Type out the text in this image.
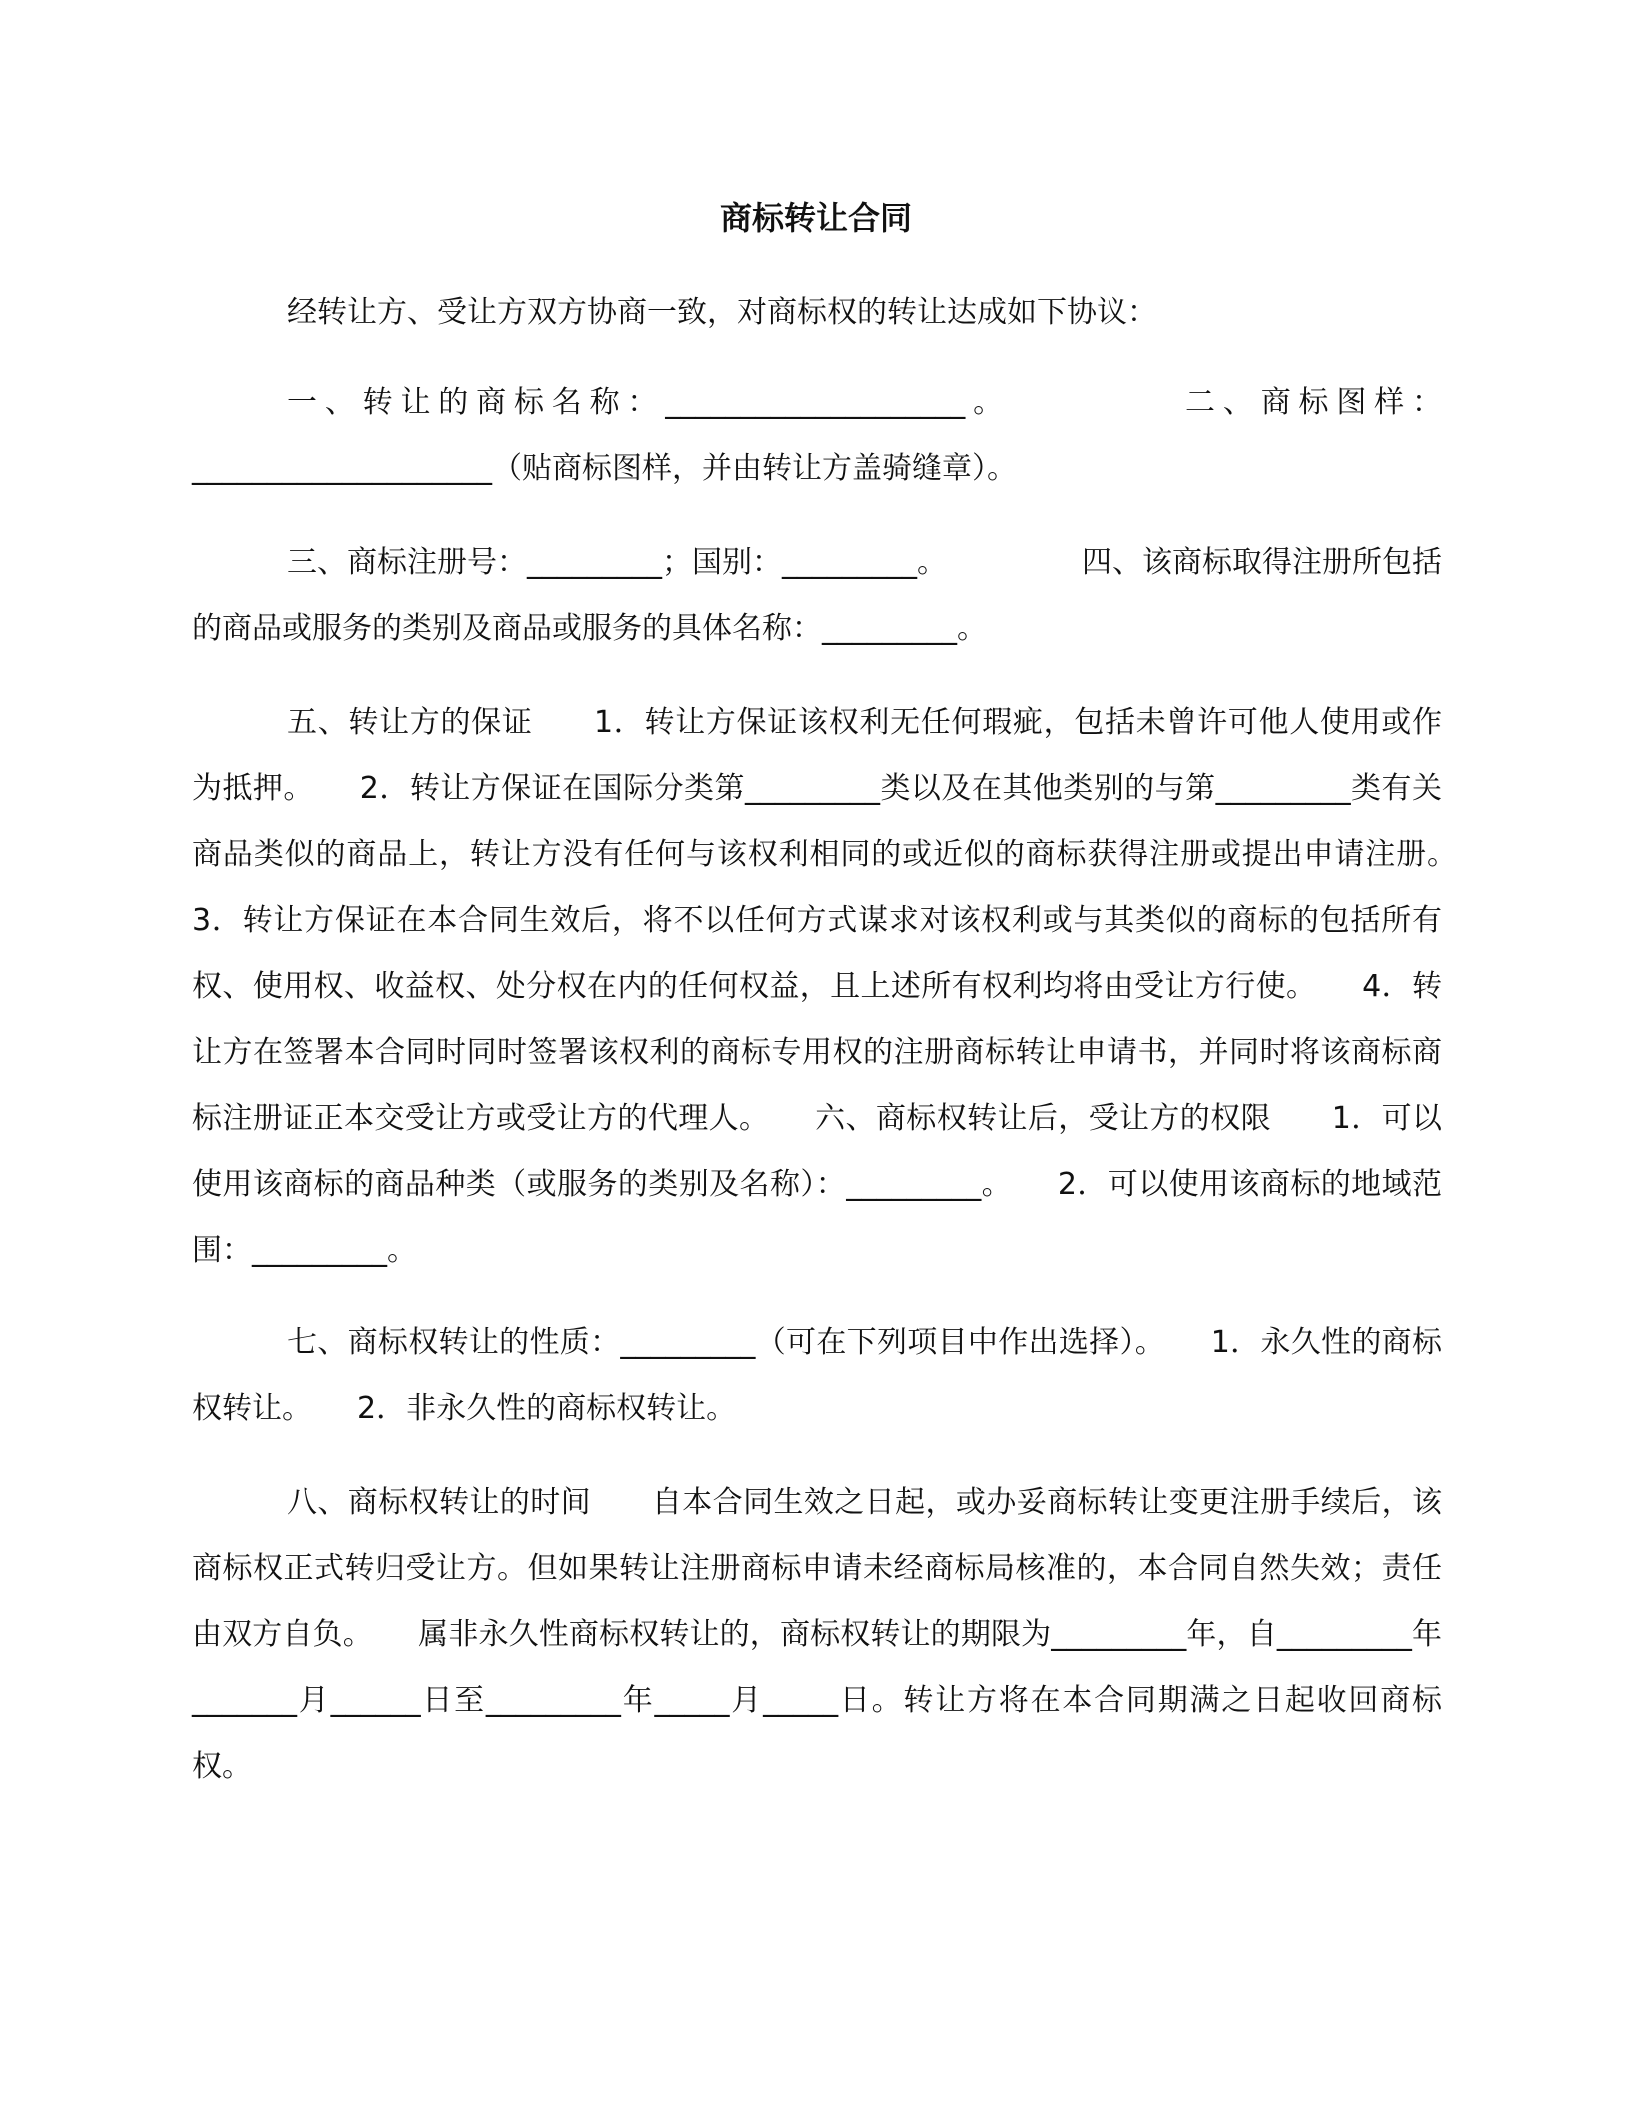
商标转让合同

经转让方、受让方双方协商一致，对商标权的转让达成如下协议：

一、转让的商标名称：____________________。　　　　　二、商标图样：____________________（贴商标图样，并由转让方盖骑缝章）。

三、商标注册号：_________；国别：_________。　　　　　四、该商标取得注册所包括的商品或服务的类别及商品或服务的具体名称：_________。

五、转让方的保证　　1．转让方保证该权利无任何瑕疵，包括未曾许可他人使用或作为抵押。　　2．转让方保证在国际分类第_________类以及在其他类别的与第_________类有关商品类似的商品上，转让方没有任何与该权利相同的或近似的商标获得注册或提出申请注册。　　3．转让方保证在本合同生效后，将不以任何方式谋求对该权利或与其类似的商标的包括所有权、使用权、收益权、处分权在内的任何权益，且上述所有权利均将由受让方行使。　　4．转让方在签署本合同时同时签署该权利的商标专用权的注册商标转让申请书，并同时将该商标商标注册证正本交受让方或受让方的代理人。　　六、商标权转让后，受让方的权限　　1．可以使用该商标的商品种类（或服务的类别及名称）：_________。　　2．可以使用该商标的地域范围：_________。

七、商标权转让的性质：_________（可在下列项目中作出选择）。　　1．永久性的商标权转让。　　2．非永久性的商标权转让。

八、商标权转让的时间　　自本合同生效之日起，或办妥商标转让变更注册手续后，该商标权正式转归受让方。但如果转让注册商标申请未经商标局核准的，本合同自然失效；责任由双方自负。　　属非永久性商标权转让的，商标权转让的期限为_________年，自_________年_______月______日至_________年_____月_____日。转让方将在本合同期满之日起收回商标权。
